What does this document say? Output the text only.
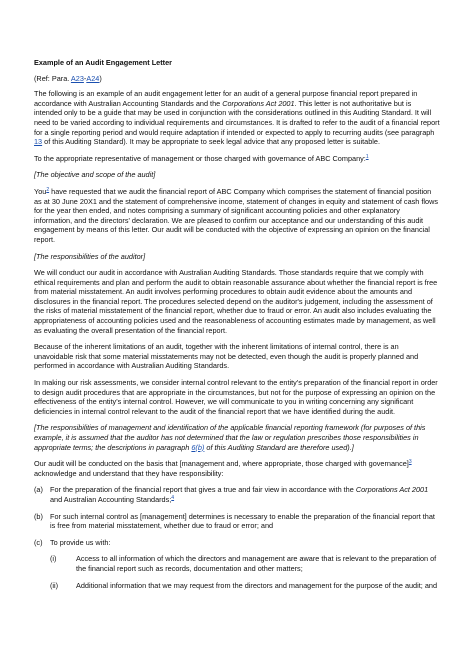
Example of an Audit Engagement Letter

(Ref: Para. A23-A24)

The following is an example of an audit engagement letter for an audit of a general purpose financial report prepared in accordance with Australian Accounting Standards and the Corporations Act 2001. This letter is not authoritative but is intended only to be a guide that may be used in conjunction with the considerations outlined in this Auditing Standard. It will need to be varied according to individual requirements and circumstances. It is drafted to refer to the audit of a financial report for a single reporting period and would require adaptation if intended or expected to apply to recurring audits (see paragraph 13 of this Auditing Standard). It may be appropriate to seek legal advice that any proposed letter is suitable.

To the appropriate representative of management or those charged with governance of ABC Company:$^1$

[The objective and scope of the audit]

You$^2$ have requested that we audit the financial report of ABC Company which comprises the statement of financial position as at 30 June 20X1 and the statement of comprehensive income, statement of changes in equity and statement of cash flows for the year then ended, and notes comprising a summary of significant accounting policies and other explanatory information, and the directors' declaration. We are pleased to confirm our acceptance and our understanding of this audit engagement by means of this letter. Our audit will be conducted with the objective of expressing an opinion on the financial report.

[The responsibilities of the auditor]

We will conduct our audit in accordance with Australian Auditing Standards. Those standards require that we comply with ethical requirements and plan and perform the audit to obtain reasonable assurance about whether the financial report is free from material misstatement. An audit involves performing procedures to obtain audit evidence about the amounts and disclosures in the financial report. The procedures selected depend on the auditor's judgement, including the assessment of the risks of material misstatement of the financial report, whether due to fraud or error. An audit also includes evaluating the appropriateness of accounting policies used and the reasonableness of accounting estimates made by management, as well as evaluating the overall presentation of the financial report.

Because of the inherent limitations of an audit, together with the inherent limitations of internal control, there is an unavoidable risk that some material misstatements may not be detected, even though the audit is properly planned and performed in accordance with Australian Auditing Standards.

In making our risk assessments, we consider internal control relevant to the entity's preparation of the financial report in order to design audit procedures that are appropriate in the circumstances, but not for the purpose of expressing an opinion on the effectiveness of the entity's internal control. However, we will communicate to you in writing concerning any significant deficiencies in internal control relevant to the audit of the financial report that we have identified during the audit.

[The responsibilities of management and identification of the applicable financial reporting framework (for purposes of this example, it is assumed that the auditor has not determined that the law or regulation prescribes those responsibilities in appropriate terms; the descriptions in paragraph 6(b) of this Auditing Standard are therefore used).]

Our audit will be conducted on the basis that [management and, where appropriate, those charged with governance]$^3$ acknowledge and understand that they have responsibility:

(a) For the preparation of the financial report that gives a true and fair view in accordance with the Corporations Act 2001 and Australian Accounting Standards;$^4$
(b) For such internal control as [management] determines is necessary to enable the preparation of the financial report that is free from material misstatement, whether due to fraud or error; and
(c) To provide us with:
(i)	Access to all information of which the directors and management are aware that is relevant to the preparation of the financial report such as records, documentation and other matters;
(ii) Additional information that we may request from the directors and management for the purpose of the audit; and
